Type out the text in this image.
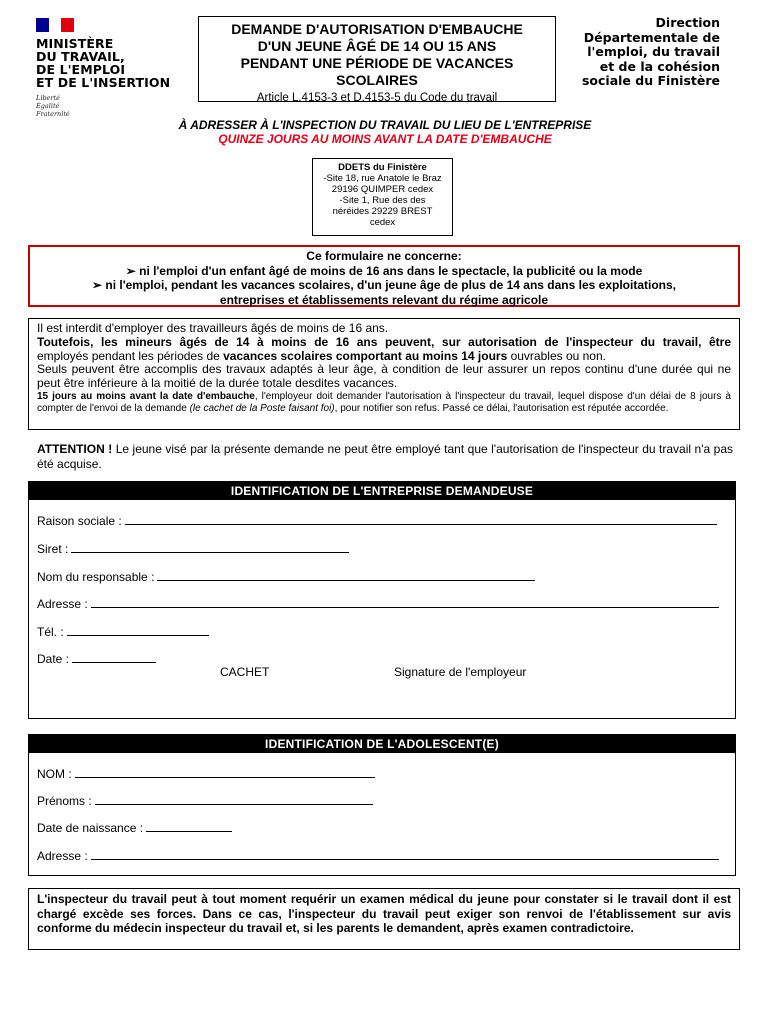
MINISTÈRE
DU TRAVAIL,
DE L'EMPLOI
ET DE L'INSERTION
Liberté
Égalité
Fraternité
DEMANDE D'AUTORISATION D'EMBAUCHE
D'UN JEUNE ÂGÉ DE 14 OU 15 ANS
PENDANT UNE PÉRIODE DE VACANCES
SCOLAIRES
Article L.4153-3 et D.4153-5 du Code du travail
Direction
Départementale de
l'emploi, du travail
et de la cohésion
sociale du Finistère
À ADRESSER À L'INSPECTION DU TRAVAIL DU LIEU DE L'ENTREPRISE
QUINZE JOURS AU MOINS AVANT LA DATE D'EMBAUCHE
DDETS du Finistère
-Site 18, rue Anatole le Braz
29196 QUIMPER cedex
-Site 1, Rue des des
néréides 29229 BREST
cedex
Ce formulaire ne concerne:
➢ ni l'emploi d'un enfant âgé de moins de 16 ans dans le spectacle, la publicité ou la mode
➢ ni l'emploi, pendant les vacances scolaires, d'un jeune âge de plus de 14 ans dans les exploitations,
entreprises et établissements relevant du régime agricole
Il est interdit d'employer des travailleurs âgés de moins de 16 ans.
Toutefois, les mineurs âgés de 14 à moins de 16 ans peuvent, sur autorisation de l'inspecteur du travail, être
employés pendant les périodes de vacances scolaires comportant au moins 14 jours ouvrables ou non.
Seuls peuvent être accomplis des travaux adaptés à leur âge, à condition de leur assurer un repos continu d'une durée qui ne peut être inférieure à la moitié de la durée totale desdites vacances.
15 jours au moins avant la date d'embauche, l'employeur doit demander l'autorisation à l'inspecteur du travail, lequel dispose d'un délai de 8 jours à compter de l'envoi de la demande (le cachet de la Poste faisant foi), pour notifier son refus. Passé ce délai, l'autorisation est réputée accordée.
ATTENTION ! Le jeune visé par la présente demande ne peut être employé tant que l'autorisation de l'inspecteur du travail n'a pas été acquise.
IDENTIFICATION DE L'ENTREPRISE DEMANDEUSE
Raison sociale :
Siret :
Nom du responsable :
Adresse :
Tél. :
Date :
CACHET	Signature de l'employeur
IDENTIFICATION DE L'ADOLESCENT(E)
NOM :
Prénoms :
Date de naissance :
Adresse :
L'inspecteur du travail peut à tout moment requérir un examen médical du jeune pour constater si le travail dont il est chargé excède ses forces. Dans ce cas, l'inspecteur du travail peut exiger son renvoi de l'établissement sur avis conforme du médecin inspecteur du travail et, si les parents le demandent, après examen contradictoire.
